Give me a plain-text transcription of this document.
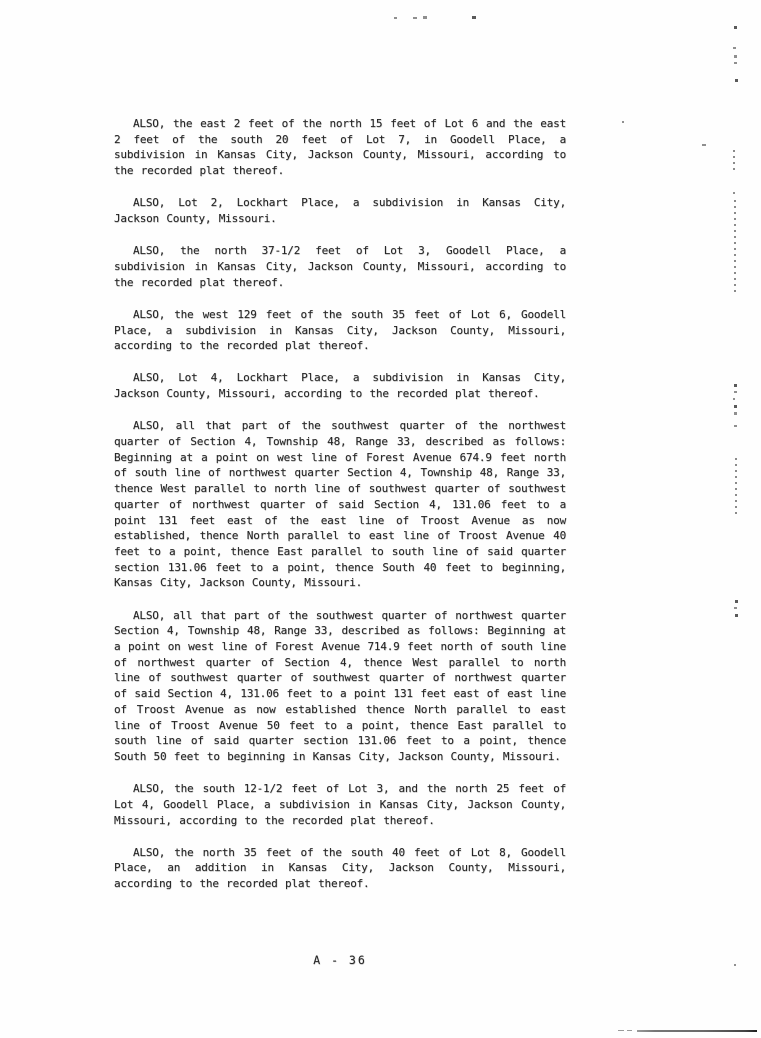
ALSO, the east 2 feet of the north 15 feet of Lot 6 and the east 2 feet of the south 20 feet of Lot 7, in Goodell Place, a subdivision in Kansas City, Jackson County, Missouri, according to the recorded plat thereof.

ALSO, Lot 2, Lockhart Place, a subdivision in Kansas City, Jackson County, Missouri.

ALSO, the north 37-1/2 feet of Lot 3, Goodell Place, a subdivision in Kansas City, Jackson County, Missouri, according to the recorded plat thereof.

ALSO, the west 129 feet of the south 35 feet of Lot 6, Goodell Place, a subdivision in Kansas City, Jackson County, Missouri, according to the recorded plat thereof.

ALSO, Lot 4, Lockhart Place, a subdivision in Kansas City, Jackson County, Missouri, according to the recorded plat thereof.

ALSO, all that part of the southwest quarter of the northwest quarter of Section 4, Township 48, Range 33, described as follows: Beginning at a point on west line of Forest Avenue 674.9 feet north of south line of northwest quarter Section 4, Township 48, Range 33, thence West parallel to north line of southwest quarter of southwest quarter of northwest quarter of said Section 4, 131.06 feet to a point 131 feet east of the east line of Troost Avenue as now established, thence North parallel to east line of Troost Avenue 40 feet to a point, thence East parallel to south line of said quarter section 131.06 feet to a point, thence South 40 feet to beginning, Kansas City, Jackson County, Missouri.

ALSO, all that part of the southwest quarter of northwest quarter Section 4, Township 48, Range 33, described as follows: Beginning at a point on west line of Forest Avenue 714.9 feet north of south line of northwest quarter of Section 4, thence West parallel to north line of southwest quarter of southwest quarter of northwest quarter of said Section 4, 131.06 feet to a point 131 feet east of east line of Troost Avenue as now established thence North parallel to east line of Troost Avenue 50 feet to a point, thence East parallel to south line of said quarter section 131.06 feet to a point, thence South 50 feet to beginning in Kansas City, Jackson County, Missouri.

ALSO, the south 12-1/2 feet of Lot 3, and the north 25 feet of Lot 4, Goodell Place, a subdivision in Kansas City, Jackson County, Missouri, according to the recorded plat thereof.

ALSO, the north 35 feet of the south 40 feet of Lot 8, Goodell Place, an addition in Kansas City, Jackson County, Missouri, according to the recorded plat thereof.

A - 36
